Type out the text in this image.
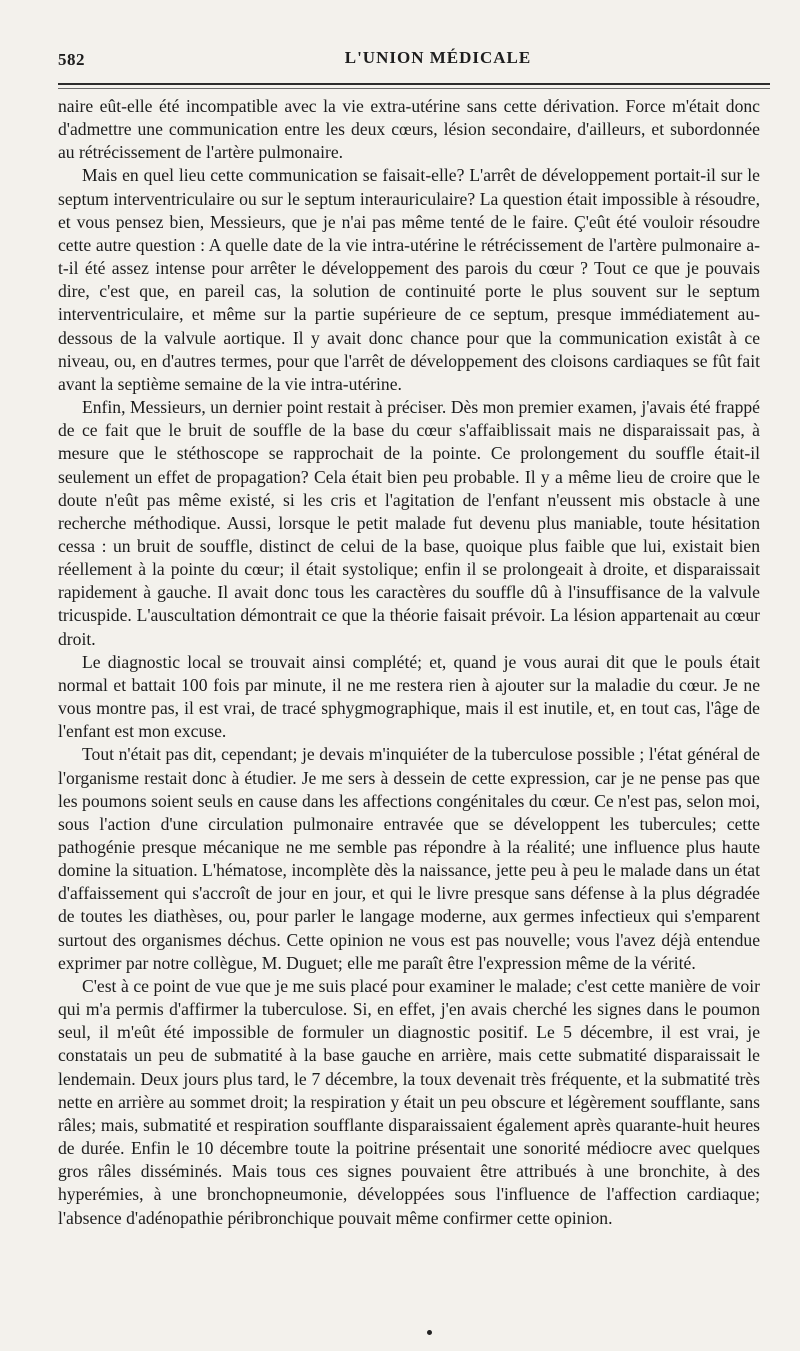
582	L'UNION MÉDICALE

naire eût-elle été incompatible avec la vie extra-utérine sans cette dérivation. Force m'était donc d'admettre une communication entre les deux cœurs, lésion secondaire, d'ailleurs, et subordonnée au rétrécissement de l'artère pulmonaire.

Mais en quel lieu cette communication se faisait-elle? L'arrêt de développement portait-il sur le septum interventriculaire ou sur le septum interauriculaire? La question était impossible à résoudre, et vous pensez bien, Messieurs, que je n'ai pas même tenté de le faire. Ç'eût été vouloir résoudre cette autre question : A quelle date de la vie intra-utérine le rétrécissement de l'artère pulmonaire a-t-il été assez intense pour arrêter le développement des parois du cœur ? Tout ce que je pouvais dire, c'est que, en pareil cas, la solution de continuité porte le plus souvent sur le septum interventriculaire, et même sur la partie supérieure de ce septum, presque immédiatement au-dessous de la valvule aortique. Il y avait donc chance pour que la communication existât à ce niveau, ou, en d'autres termes, pour que l'arrêt de développement des cloisons cardiaques se fût fait avant la septième semaine de la vie intra-utérine.

Enfin, Messieurs, un dernier point restait à préciser. Dès mon premier examen, j'avais été frappé de ce fait que le bruit de souffle de la base du cœur s'affaiblissait mais ne disparaissait pas, à mesure que le stéthoscope se rapprochait de la pointe. Ce prolongement du souffle était-il seulement un effet de propagation? Cela était bien peu probable. Il y a même lieu de croire que le doute n'eût pas même existé, si les cris et l'agitation de l'enfant n'eussent mis obstacle à une recherche méthodique. Aussi, lorsque le petit malade fut devenu plus maniable, toute hésitation cessa : un bruit de souffle, distinct de celui de la base, quoique plus faible que lui, existait bien réellement à la pointe du cœur; il était systolique; enfin il se prolongeait à droite, et disparaissait rapidement à gauche. Il avait donc tous les caractères du souffle dû à l'insuffisance de la valvule tricuspide. L'auscultation démontrait ce que la théorie faisait prévoir. La lésion appartenait au cœur droit.

Le diagnostic local se trouvait ainsi complété; et, quand je vous aurai dit que le pouls était normal et battait 100 fois par minute, il ne me restera rien à ajouter sur la maladie du cœur. Je ne vous montre pas, il est vrai, de tracé sphygmographique, mais il est inutile, et, en tout cas, l'âge de l'enfant est mon excuse.

Tout n'était pas dit, cependant; je devais m'inquiéter de la tuberculose possible ; l'état général de l'organisme restait donc à étudier. Je me sers à dessein de cette expression, car je ne pense pas que les poumons soient seuls en cause dans les affections congénitales du cœur. Ce n'est pas, selon moi, sous l'action d'une circulation pulmonaire entravée que se développent les tubercules; cette pathogénie presque mécanique ne me semble pas répondre à la réalité; une influence plus haute domine la situation. L'hématose, incomplète dès la naissance, jette peu à peu le malade dans un état d'affaissement qui s'accroît de jour en jour, et qui le livre presque sans défense à la plus dégradée de toutes les diathèses, ou, pour parler le langage moderne, aux germes infectieux qui s'emparent surtout des organismes déchus. Cette opinion ne vous est pas nouvelle; vous l'avez déjà entendue exprimer par notre collègue, M. Duguet; elle me paraît être l'expression même de la vérité.

C'est à ce point de vue que je me suis placé pour examiner le malade; c'est cette manière de voir qui m'a permis d'affirmer la tuberculose. Si, en effet, j'en avais cherché les signes dans le poumon seul, il m'eût été impossible de formuler un diagnostic positif. Le 5 décembre, il est vrai, je constatais un peu de submatité à la base gauche en arrière, mais cette submatité disparaissait le lendemain. Deux jours plus tard, le 7 décembre, la toux devenait très fréquente, et la submatité très nette en arrière au sommet droit; la respiration y était un peu obscure et légèrement soufflante, sans râles; mais, submatité et respiration soufflante disparaissaient également après quarante-huit heures de durée. Enfin le 10 décembre toute la poitrine présentait une sonorité médiocre avec quelques gros râles disséminés. Mais tous ces signes pouvaient être attribués à une bronchite, à des hyperémies, à une bronchopneumonie, développées sous l'influence de l'affection cardiaque; l'absence d'adénopathie péribronchique pouvait même confirmer cette opinion.
